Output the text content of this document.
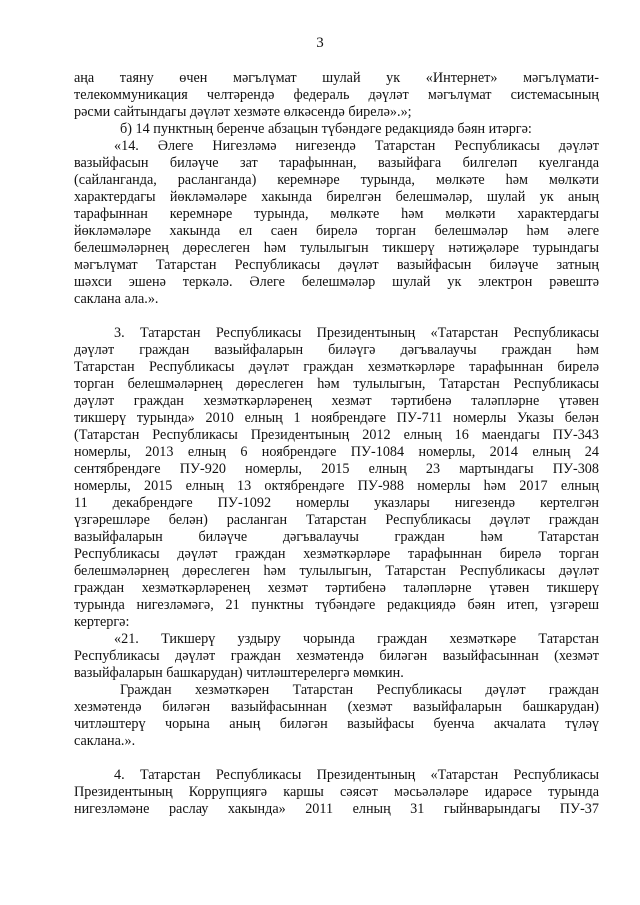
3
аңа таяну өчен мәгълүмат шулай ук «Интернет» мәгълүмати-
телекоммуникация челтәрендә федераль дәүләт мәгълүмат системасының
рәсми сайтындагы дәүләт хезмәте өлкәсендә бирелә».»;
б) 14 пунктның беренче абзацын түбәндәге редакциядә бәян итәргә:
«14. Әлеге Нигезләмә нигезендә Татарстан Республикасы дәүләт
вазыйфасын биләүче зат тарафыннан, вазыйфага билгеләп куелганда
(сайланганда, расланганда) керемнәре турында, мөлкәте һәм мөлкәти
характердагы йөкләмәләре хакында бирелгән белешмәләр, шулай ук аның
тарафыннан керемнәре турында, мөлкәте һәм мөлкәти характердагы
йөкләмәләре хакында ел саен бирелә торган белешмәләр һәм әлеге
белешмәләрнең дөреслеген һәм тулылыгын тикшерү нәтиҗәләре турындагы
мәгълүмат Татарстан Республикасы дәүләт вазыйфасын биләүче затның
шәхси эшенә теркәлә. Әлеге белешмәләр шулай ук электрон рәвештә
саклана ала.».
3. Татарстан Республикасы Президентының «Татарстан Республикасы
дәүләт граждан вазыйфаларын биләүгә дәгъвалаучы граждан һәм
Татарстан Республикасы дәүләт граждан хезмәткәрләре тарафыннан бирелә
торган белешмәләрнең дөреслеген һәм тулылыгын, Татарстан Республикасы
дәүләт граждан хезмәткәрләренең хезмәт тәртибенә таләпләрне үтәвен
тикшерү турында» 2010 елның 1 ноябрендәге ПУ-711 номерлы Указы белән
(Татарстан Республикасы Президентының 2012 елның 16 маендагы ПУ-343
номерлы, 2013 елның 6 ноябрендәге ПУ-1084 номерлы, 2014 елның 24
сентябрендәге ПУ-920 номерлы, 2015 елның 23 мартындагы ПУ-308
номерлы, 2015 елның 13 октябрендәге ПУ-988 номерлы һәм 2017 елның
11 декабрендәге ПУ-1092 номерлы указлары нигезендә кертелгән
үзгәрешләре белән) расланган Татарстан Республикасы дәүләт граждан
вазыйфаларын биләүче дәгъвалаучы граждан һәм Татарстан
Республикасы дәүләт граждан хезмәткәрләре тарафыннан бирелә торган
белешмәләрнең дөреслеген һәм тулылыгын, Татарстан Республикасы дәүләт
граждан хезмәткәрләренең хезмәт тәртибенә таләпләрне үтәвен тикшерү
турында нигезләмәгә, 21 пунктны түбәндәге редакциядә бәян итеп, үзгәреш
кертергә:
«21. Тикшерү уздыру чорында граждан хезмәткәре Татарстан
Республикасы дәүләт граждан хезмәтендә биләгән вазыйфасыннан (хезмәт
вазыйфаларын башкарудан) читләштерелергә мөмкин.
Граждан хезмәткәрен Татарстан Республикасы дәүләт граждан
хезмәтендә биләгән вазыйфасыннан (хезмәт вазыйфаларын башкарудан)
читләштерү чорына аның биләгән вазыйфасы буенча акчалата түләү
саклана.».
4. Татарстан Республикасы Президентының «Татарстан Республикасы
Президентының Коррупциягә каршы сәясәт мәсьәләләре идарәсе турында
нигезләмәне раслау хакында» 2011 елның 31 гыйнварындагы ПУ-37
